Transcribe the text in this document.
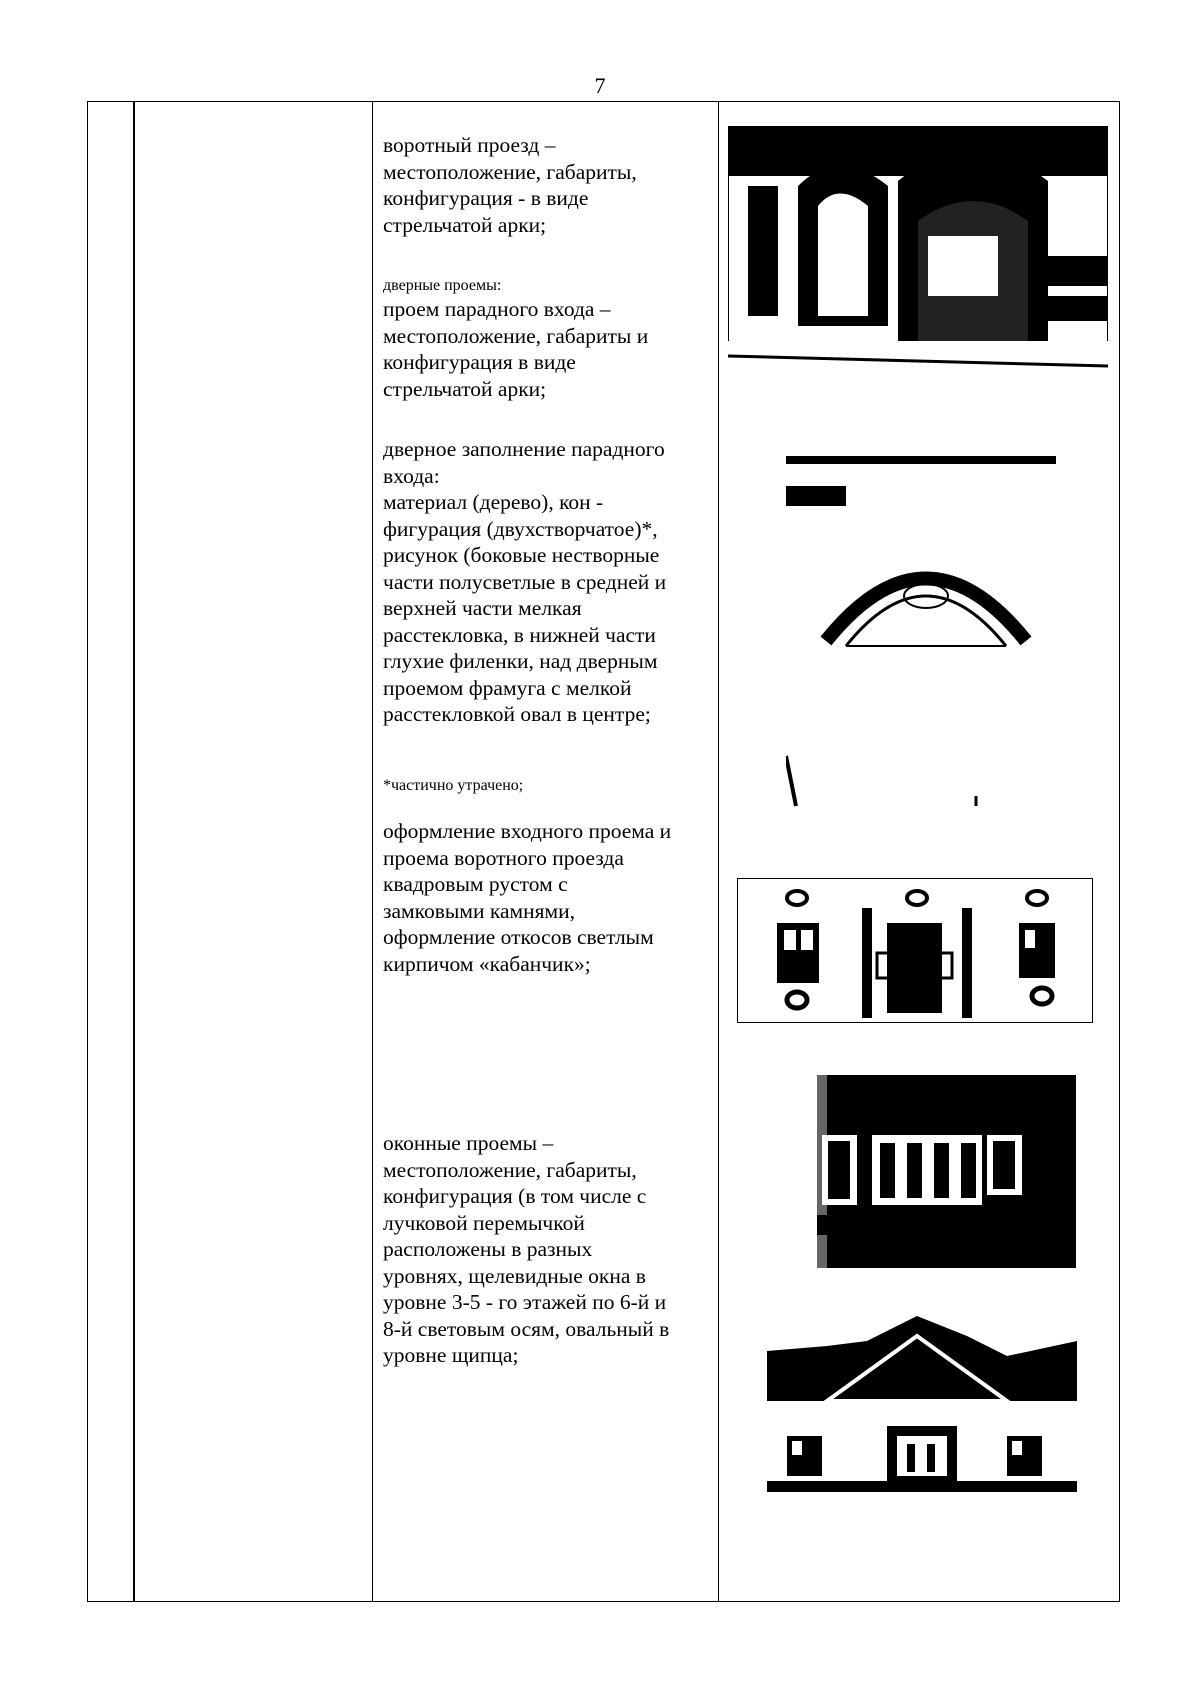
7

воротный проезд –

местоположение, габариты,

конфигурация - в виде

стрельчатой арки;

дверные проемы:

проем парадного входа –

местоположение, габариты и

конфигурация в виде

стрельчатой арки;

дверное заполнение парадного

входа:

материал (дерево), кон -

фигурация (двухстворчатое)*,

рисунок (боковые нестворные

части полусветлые в средней и

верхней части мелкая

расстекловка, в нижней части

глухие филенки, над дверным

проемом фрамуга с мелкой

расстекловкой овал в центре;

*частично утрачено;

оформление входного проема и

проема воротного проезда

квадровым рустом с

замковыми камнями,

оформление откосов светлым

кирпичом «кабанчик»;

оконные проемы –

местоположение, габариты,

конфигурация (в том числе с

лучковой перемычкой

расположены в разных

уровнях, щелевидные окна в

уровне 3-5 - го этажей по 6-й и

8-й световым осям, овальный в

уровне щипца;
